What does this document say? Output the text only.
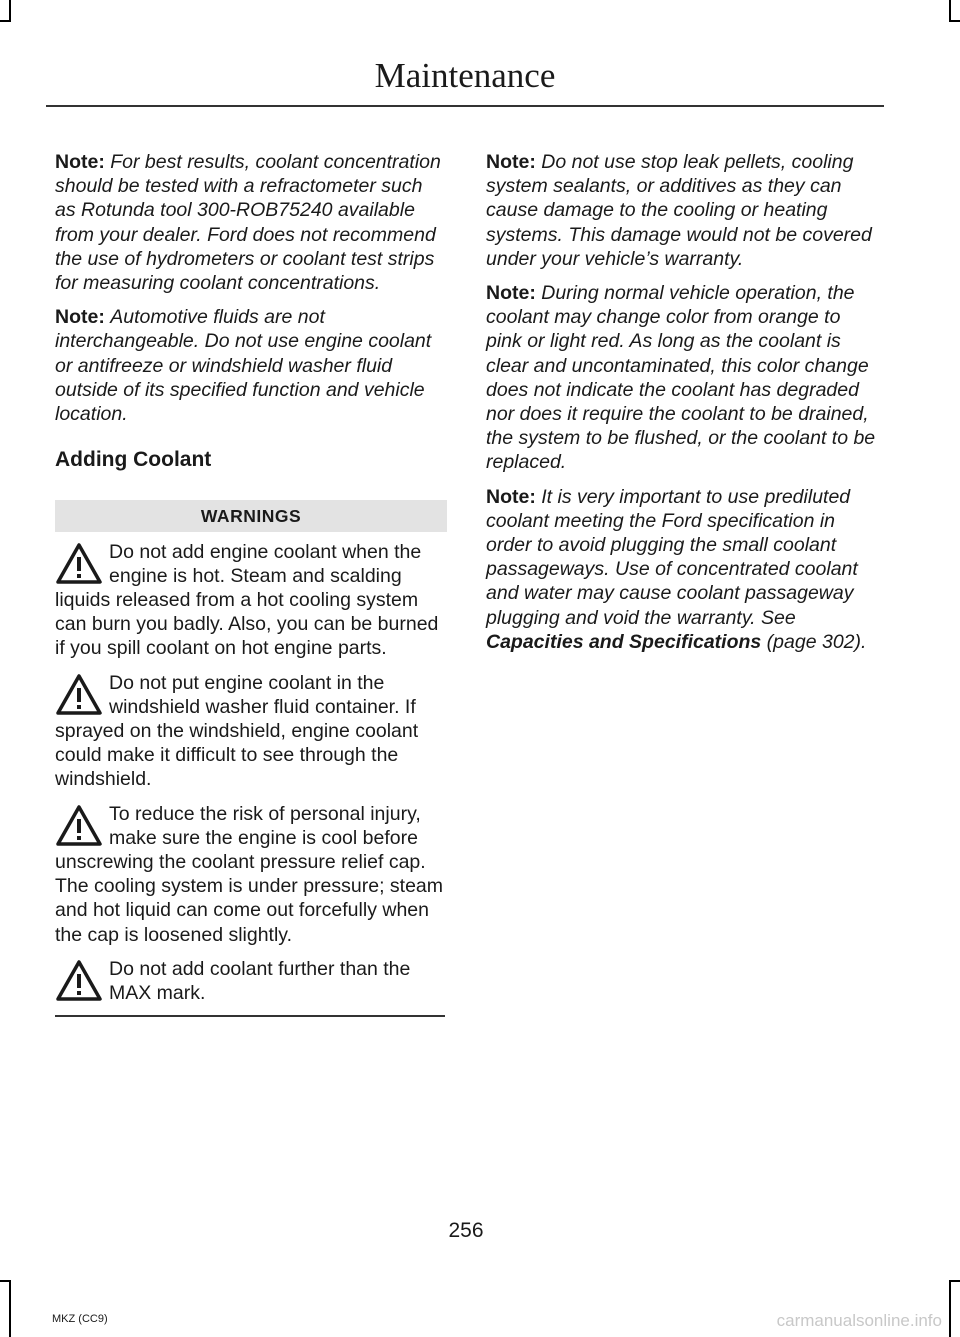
Maintenance

Note: For best results, coolant concentration should be tested with a refractometer such as Rotunda tool 300-ROB75240 available from your dealer. Ford does not recommend the use of hydrometers or coolant test strips for measuring coolant concentrations.

Note: Automotive fluids are not interchangeable. Do not use engine coolant or antifreeze or windshield washer fluid outside of its specified function and vehicle location.

Adding Coolant
WARNINGS
Do not add engine coolant when the engine is hot. Steam and scalding liquids released from a hot cooling system can burn you badly. Also, you can be burned if you spill coolant on hot engine parts.
Do not put engine coolant in the windshield washer fluid container. If sprayed on the windshield, engine coolant could make it difficult to see through the windshield.
To reduce the risk of personal injury, make sure the engine is cool before unscrewing the coolant pressure relief cap. The cooling system is under pressure; steam and hot liquid can come out forcefully when the cap is loosened slightly.
Do not add coolant further than the MAX mark.

Note: Do not use stop leak pellets, cooling system sealants, or additives as they can cause damage to the cooling or heating systems. This damage would not be covered under your vehicle’s warranty.

Note: During normal vehicle operation, the coolant may change color from orange to pink or light red. As long as the coolant is clear and uncontaminated, this color change does not indicate the coolant has degraded nor does it require the coolant to be drained, the system to be flushed, or the coolant to be replaced.

Note: It is very important to use prediluted coolant meeting the Ford specification in order to avoid plugging the small coolant passageways. Use of concentrated coolant and water may cause coolant passageway plugging and void the warranty. See Capacities and Specifications (page 302).

256
MKZ (CC9)	carmanualsonline.info
